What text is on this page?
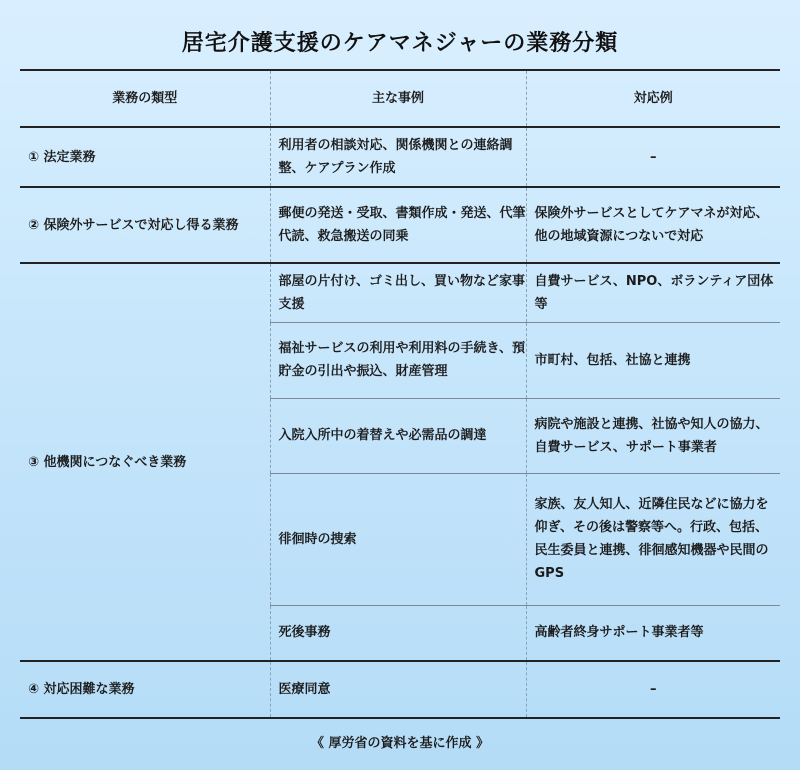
居宅介護支援のケアマネジャーの業務分類
業務の類型	主な事例	対応例
① 法定業務	利用者の相談対応、関係機関との連絡調整、ケアプラン作成	–
② 保険外サービスで対応し得る業務	郵便の発送・受取、書類作成・発送、代筆代読、救急搬送の同乗	保険外サービスとしてケアマネが対応、他の地域資源につないで対応
③ 他機関につなぐべき業務	部屋の片付け、ゴミ出し、買い物など家事支援	自費サービス、NPO、ボランティア団体等
	福祉サービスの利用や利用料の手続き、預貯金の引出や振込、財産管理	市町村、包括、社協と連携
	入院入所中の着替えや必需品の調達	病院や施設と連携、社協や知人の協力、自費サービス、サポート事業者
	徘徊時の捜索	家族、友人知人、近隣住民などに協力を仰ぎ、その後は警察等へ。行政、包括、民生委員と連携、徘徊感知機器や民間のGPS
	死後事務	高齢者終身サポート事業者等
④ 対応困難な業務	医療同意	–
《 厚労省の資料を基に作成 》
